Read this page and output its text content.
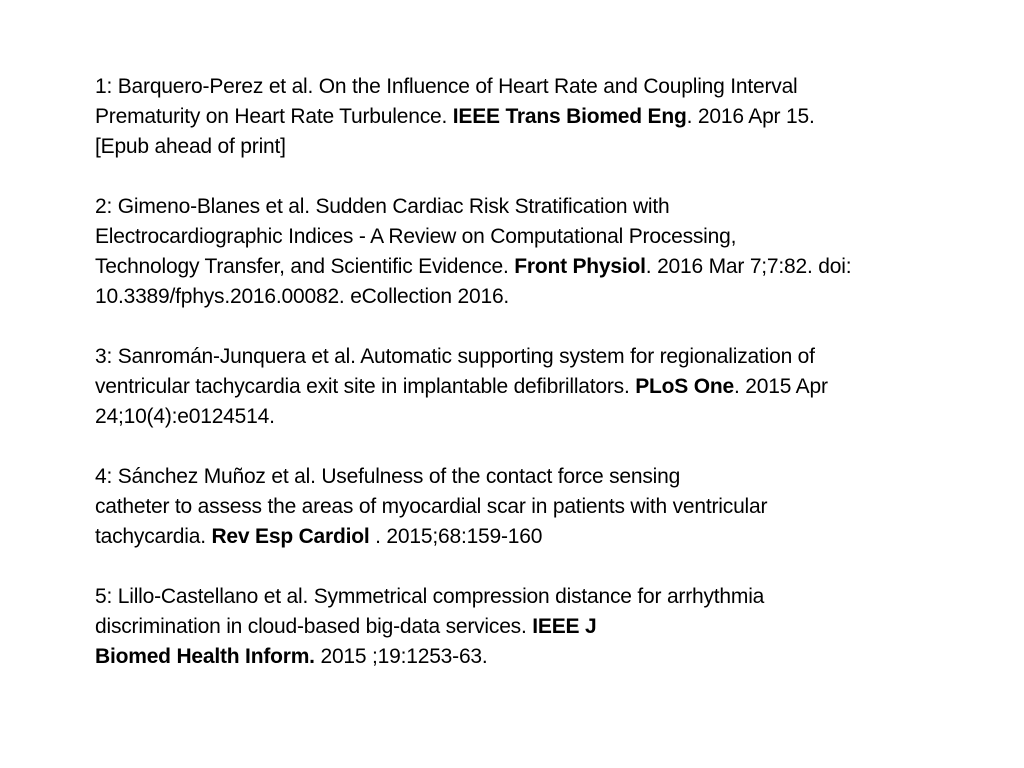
1: Barquero-Perez et al. On the Influence of Heart Rate and Coupling Interval
Prematurity on Heart Rate Turbulence. IEEE Trans Biomed Eng. 2016 Apr 15.
[Epub ahead of print]
2: Gimeno-Blanes et al. Sudden Cardiac Risk Stratification with
Electrocardiographic Indices - A Review on Computational Processing,
Technology Transfer, and Scientific Evidence. Front Physiol. 2016 Mar 7;7:82. doi:
10.3389/fphys.2016.00082. eCollection 2016.
3: Sanromán-Junquera et al. Automatic supporting system for regionalization of
ventricular tachycardia exit site in implantable defibrillators. PLoS One. 2015 Apr
24;10(4):e0124514.
4: Sánchez Muñoz et al. Usefulness of the contact force sensing
catheter to assess the areas of myocardial scar in patients with ventricular
tachycardia. Rev Esp Cardiol . 2015;68:159-160
5: Lillo-Castellano et al. Symmetrical compression distance for arrhythmia
discrimination in cloud-based big-data services. IEEE J
Biomed Health Inform. 2015 ;19:1253-63.
